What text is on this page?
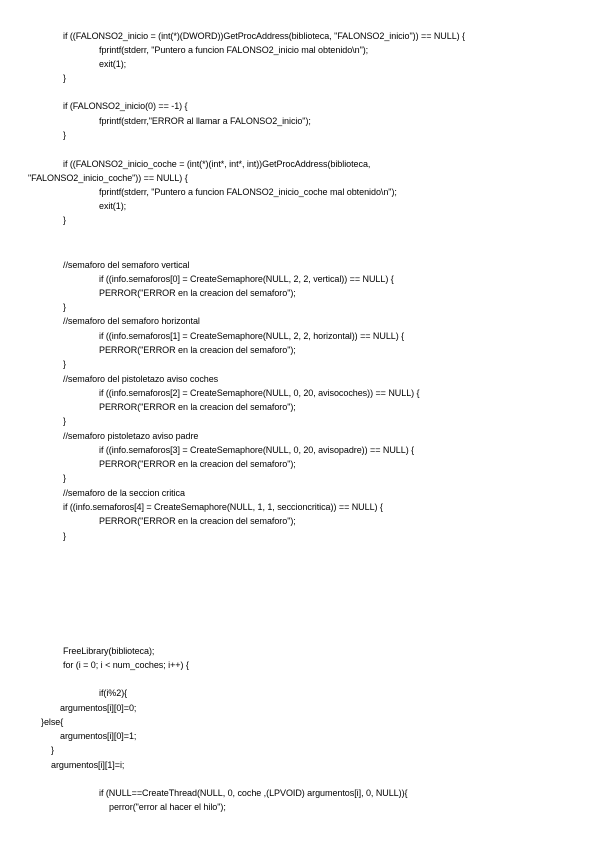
if ((FALONSO2_inicio = (int(*)(DWORD))GetProcAddress(biblioteca, "FALONSO2_inicio")) == NULL) {
fprintf(stderr, "Puntero a funcion FALONSO2_inicio mal obtenido\n");
exit(1);
}
if (FALONSO2_inicio(0) == -1) {
fprintf(stderr,"ERROR al llamar a FALONSO2_inicio");
}
if ((FALONSO2_inicio_coche = (int(*)(int*, int*, int))GetProcAddress(biblioteca,
"FALONSO2_inicio_coche")) == NULL) {
fprintf(stderr, "Puntero a funcion FALONSO2_inicio_coche mal obtenido\n");
exit(1);
}
//semaforo del semaforo vertical
if ((info.semaforos[0] = CreateSemaphore(NULL, 2, 2, vertical)) == NULL) {
PERROR("ERROR en la creacion del semaforo");
}
//semaforo del semaforo horizontal
if ((info.semaforos[1] = CreateSemaphore(NULL, 2, 2, horizontal)) == NULL) {
PERROR("ERROR en la creacion del semaforo");
}
//semaforo del pistoletazo aviso coches
if ((info.semaforos[2] = CreateSemaphore(NULL, 0, 20, avisocoches)) == NULL) {
PERROR("ERROR en la creacion del semaforo");
}
//semaforo pistoletazo aviso padre
if ((info.semaforos[3] = CreateSemaphore(NULL, 0, 20, avisopadre)) == NULL) {
PERROR("ERROR en la creacion del semaforo");
}
//semaforo de la seccion critica
if ((info.semaforos[4] = CreateSemaphore(NULL, 1, 1, seccioncritica)) == NULL) {
PERROR("ERROR en la creacion del semaforo");
}
FreeLibrary(biblioteca);
for (i = 0; i < num_coches; i++) {
if(i%2){
argumentos[i][0]=0;
}else{
argumentos[i][0]=1;
}
argumentos[i][1]=i;
if (NULL==CreateThread(NULL, 0, coche ,(LPVOID) argumentos[i], 0, NULL)){
perror("error al hacer el hilo");
